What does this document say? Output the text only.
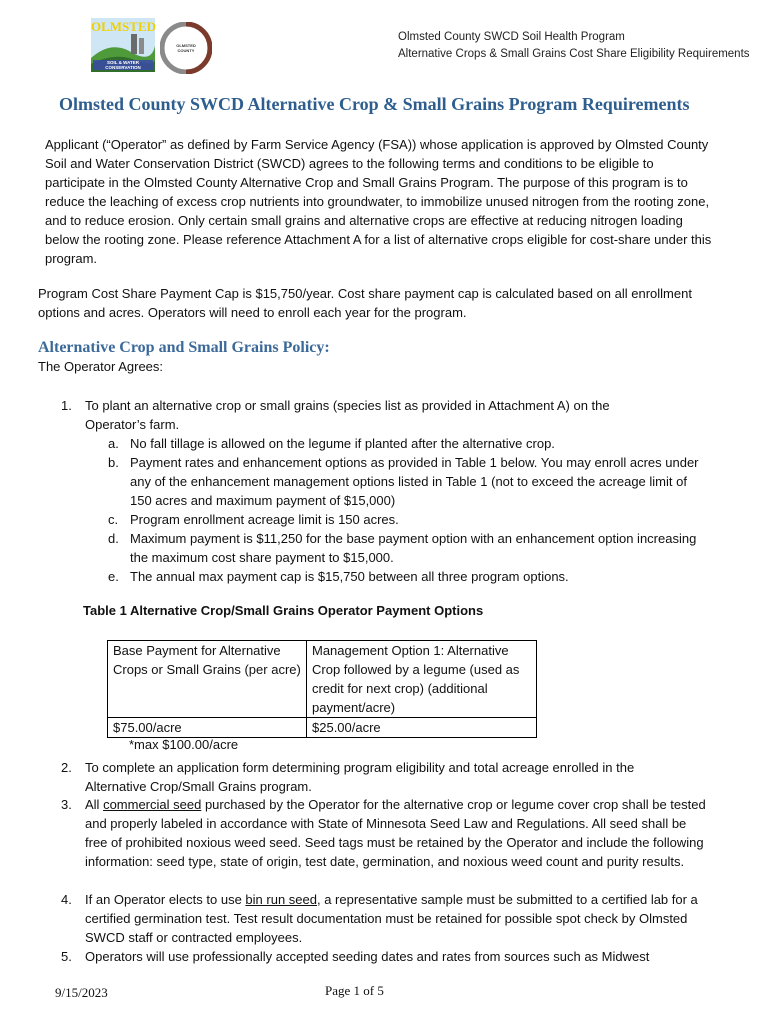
OLMSTED
SOIL & WATER CONSERVATION
OLMSTED COUNTY
Olmsted County SWCD Soil Health Program
Alternative Crops & Small Grains Cost Share Eligibility Requirements
Olmsted County SWCD Alternative Crop & Small Grains Program Requirements
Applicant (“Operator” as defined by Farm Service Agency (FSA)) whose application is approved by Olmsted County Soil and Water Conservation District (SWCD) agrees to the following terms and conditions to be eligible to participate in the Olmsted County Alternative Crop and Small Grains Program. The purpose of this program is to reduce the leaching of excess crop nutrients into groundwater, to immobilize unused nitrogen from the rooting zone, and to reduce erosion. Only certain small grains and alternative crops are effective at reducing nitrogen loading below the rooting zone. Please reference Attachment A for a list of alternative crops eligible for cost-share under this program.
Program Cost Share Payment Cap is $15,750/year. Cost share payment cap is calculated based on all enrollment options and acres. Operators will need to enroll each year for the program.
Alternative Crop and Small Grains Policy:
The Operator Agrees:
1. To plant an alternative crop or small grains (species list as provided in Attachment A) on the Operator’s farm.
a. No fall tillage is allowed on the legume if planted after the alternative crop.
b. Payment rates and enhancement options as provided in Table 1 below. You may enroll acres under any of the enhancement management options listed in Table 1 (not to exceed the acreage limit of 150 acres and maximum payment of $15,000)
c. Program enrollment acreage limit is 150 acres.
d. Maximum payment is $11,250 for the base payment option with an enhancement option increasing the maximum cost share payment to $15,000.
e. The annual max payment cap is $15,750 between all three program options.
Table 1 Alternative Crop/Small Grains Operator Payment Options
Base Payment for Alternative Crops or Small Grains (per acre)	Management Option 1: Alternative Crop followed by a legume (used as credit for next crop) (additional payment/acre)
$75.00/acre	$25.00/acre
*max $100.00/acre
2. To complete an application form determining program eligibility and total acreage enrolled in the Alternative Crop/Small Grains program.
3. All commercial seed purchased by the Operator for the alternative crop or legume cover crop shall be tested and properly labeled in accordance with State of Minnesota Seed Law and Regulations. All seed shall be free of prohibited noxious weed seed. Seed tags must be retained by the Operator and include the following information: seed type, state of origin, test date, germination, and noxious weed count and purity results.
4. If an Operator elects to use bin run seed, a representative sample must be submitted to a certified lab for a certified germination test. Test result documentation must be retained for possible spot check by Olmsted SWCD staff or contracted employees.
5. Operators will use professionally accepted seeding dates and rates from sources such as Midwest
9/15/2023	Page 1 of 5
